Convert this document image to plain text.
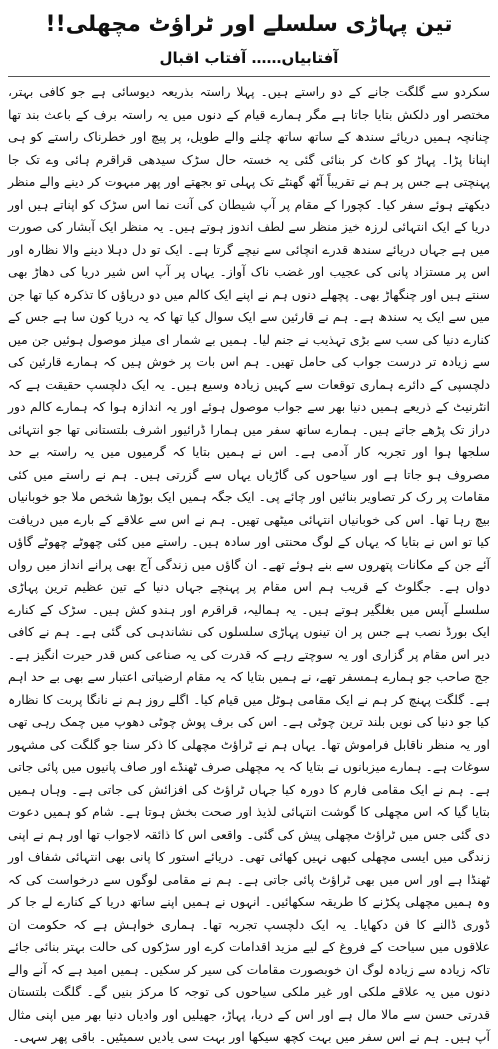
تین پہاڑی سلسلے اور ٹراؤٹ مچھلی!!
آفتابیاں…… آفتاب اقبال

سکردو سے گلگت جانے کے دو راستے ہیں۔ پہلا راستہ بذریعہ دیوسائی ہے جو کافی بہتر، مختصر اور دلکش بتایا جاتا ہے مگر ہمارے قیام کے دنوں میں یہ راستہ برف کے باعث بند تھا چنانچہ ہمیں دریائے سندھ کے ساتھ ساتھ چلنے والے طویل، پر پیچ اور خطرناک راستے کو ہی اپنانا پڑا۔ پہاڑ کو کاٹ کر بنائی گئی یہ خستہ حال سڑک سیدھی قراقرم ہائی وے تک جا پہنچتی ہے جس پر ہم نے تقریباً آٹھ گھنٹے تک پہلی تو بجھتے اور پھر مبہوت کر دینے والے منظر دیکھتے ہوئے سفر کیا۔ کچورا کے مقام پر آپ شیطان کی آنت نما اس سڑک کو اپناتے ہیں اور دریا کے ایک انتہائی لرزہ خیز منظر سے لطف اندوز ہوتے ہیں۔ یہ منظر ایک آبشار کی صورت میں ہے جہاں دریائے سندھ قدرے انچائی سے نیچے گرتا ہے۔ ایک تو دل دہلا دینے والا نظارہ اور اس پر مستزاد پانی کی عجیب اور غضب ناک آواز۔ یہاں پر آپ اس شیر دریا کی دھاڑ بھی سنتے ہیں اور چنگھاڑ بھی۔ پچھلے دنوں ہم نے اپنے ایک کالم میں دو دریاؤں کا تذکرہ کیا تھا جن میں سے ایک یہ سندھ ہے۔ ہم نے قارئین سے ایک سوال کیا تھا کہ یہ دریا کون سا ہے جس کے کنارے دنیا کی سب سے بڑی تہذیب نے جنم لیا۔ ہمیں بے شمار ای میلز موصول ہوئیں جن میں سے زیادہ تر درست جواب کی حامل تھیں۔ ہم اس بات پر خوش ہیں کہ ہمارے قارئین کی دلچسپی کے دائرے ہماری توقعات سے کہیں زیادہ وسیع ہیں۔ یہ ایک دلچسپ حقیقت ہے کہ انٹرنیٹ کے ذریعے ہمیں دنیا بھر سے جواب موصول ہوئے اور یہ اندازہ ہوا کہ ہمارے کالم دور دراز تک پڑھے جاتے ہیں۔ ہمارے ساتھ سفر میں ہمارا ڈرائیور اشرف بلتستانی تھا جو انتہائی سلجھا ہوا اور تجربہ کار آدمی ہے۔ اس نے ہمیں بتایا کہ گرمیوں میں یہ راستہ بے حد مصروف ہو جاتا ہے اور سیاحوں کی گاڑیاں یہاں سے گزرتی ہیں۔ ہم نے راستے میں کئی مقامات پر رک کر تصاویر بنائیں اور چائے پی۔ ایک جگہ ہمیں ایک بوڑھا شخص ملا جو خوبانیاں بیچ رہا تھا۔ اس کی خوبانیاں انتہائی میٹھی تھیں۔ ہم نے اس سے علاقے کے بارے میں دریافت کیا تو اس نے بتایا کہ یہاں کے لوگ محنتی اور سادہ ہیں۔ راستے میں کئی چھوٹے چھوٹے گاؤں آئے جن کے مکانات پتھروں سے بنے ہوئے تھے۔ ان گاؤں میں زندگی آج بھی پرانے انداز میں رواں دواں ہے۔ جگلوٹ کے قریب ہم اس مقام پر پہنچے جہاں دنیا کے تین عظیم ترین پہاڑی سلسلے آپس میں بغلگیر ہوتے ہیں۔ یہ ہمالیہ، قراقرم اور ہندو کش ہیں۔ سڑک کے کنارے ایک بورڈ نصب ہے جس پر ان تینوں پہاڑی سلسلوں کی نشاندہی کی گئی ہے۔ ہم نے کافی دیر اس مقام پر گزاری اور یہ سوچتے رہے کہ قدرت کی یہ صناعی کس قدر حیرت انگیز ہے۔ جج صاحب جو ہمارے ہمسفر تھے، نے ہمیں بتایا کہ یہ مقام ارضیاتی اعتبار سے بھی بے حد اہم ہے۔ گلگت پہنچ کر ہم نے ایک مقامی ہوٹل میں قیام کیا۔ اگلے روز ہم نے نانگا پربت کا نظارہ کیا جو دنیا کی نویں بلند ترین چوٹی ہے۔ اس کی برف پوش چوٹی دھوپ میں چمک رہی تھی اور یہ منظر ناقابل فراموش تھا۔ یہاں ہم نے ٹراؤٹ مچھلی کا ذکر سنا جو گلگت کی مشہور سوغات ہے۔ ہمارے میزبانوں نے بتایا کہ یہ مچھلی صرف ٹھنڈے اور صاف پانیوں میں پائی جاتی ہے۔ ہم نے ایک مقامی فارم کا دورہ کیا جہاں ٹراؤٹ کی افزائش کی جاتی ہے۔ وہاں ہمیں بتایا گیا کہ اس مچھلی کا گوشت انتہائی لذیذ اور صحت بخش ہوتا ہے۔ شام کو ہمیں دعوت دی گئی جس میں ٹراؤٹ مچھلی پیش کی گئی۔ واقعی اس کا ذائقہ لاجواب تھا اور ہم نے اپنی زندگی میں ایسی مچھلی کبھی نہیں کھائی تھی۔ دریائے استور کا پانی بھی انتہائی شفاف اور ٹھنڈا ہے اور اس میں بھی ٹراؤٹ پائی جاتی ہے۔ ہم نے مقامی لوگوں سے درخواست کی کہ وہ ہمیں مچھلی پکڑنے کا طریقہ سکھائیں۔ انہوں نے ہمیں اپنے ساتھ دریا کے کنارے لے جا کر ڈوری ڈالنے کا فن دکھایا۔ یہ ایک دلچسپ تجربہ تھا۔ ہماری خواہش ہے کہ حکومت ان علاقوں میں سیاحت کے فروغ کے لیے مزید اقدامات کرے اور سڑکوں کی حالت بہتر بنائی جائے تاکہ زیادہ سے زیادہ لوگ ان خوبصورت مقامات کی سیر کر سکیں۔ ہمیں امید ہے کہ آنے والے دنوں میں یہ علاقے ملکی اور غیر ملکی سیاحوں کی توجہ کا مرکز بنیں گے۔ گلگت بلتستان قدرتی حسن سے مالا مال ہے اور اس کے دریا، پہاڑ، جھیلیں اور وادیاں دنیا بھر میں اپنی مثال آپ ہیں۔ ہم نے اس سفر میں بہت کچھ سیکھا اور بہت سی یادیں سمیٹیں۔ باقی پھر سہی۔
